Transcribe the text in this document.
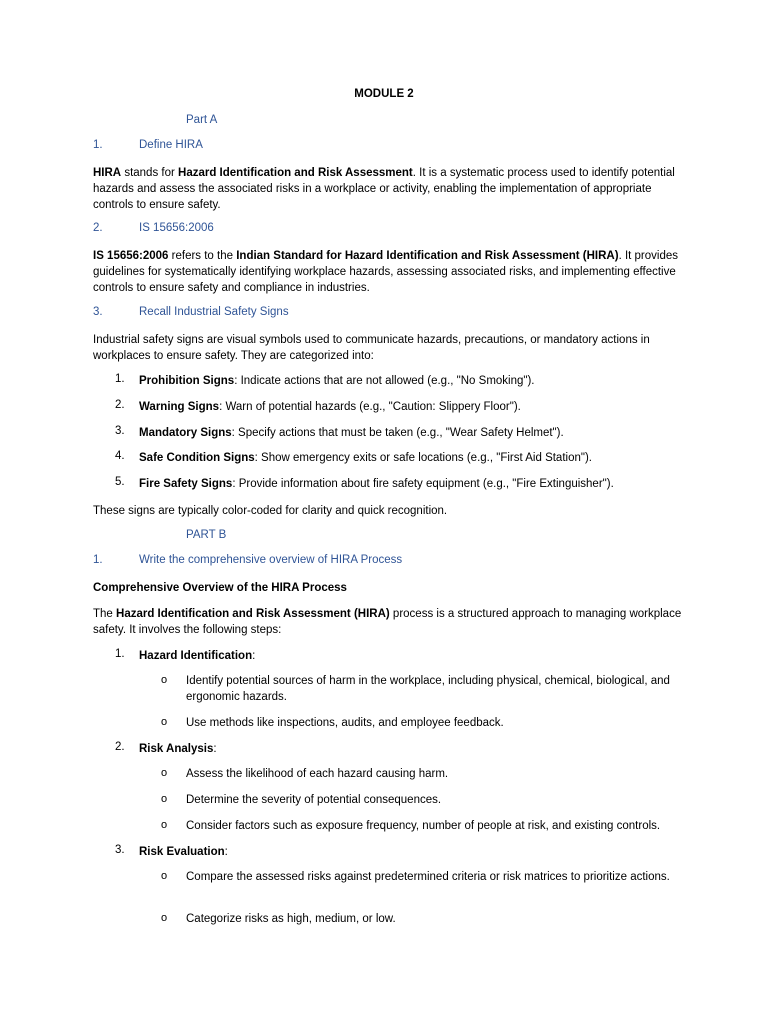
MODULE 2
Part A
1.	Define HIRA

HIRA stands for Hazard Identification and Risk Assessment. It is a systematic process used to identify potential hazards and assess the associated risks in a workplace or activity, enabling the implementation of appropriate controls to ensure safety.

2.	IS 15656:2006

IS 15656:2006 refers to the Indian Standard for Hazard Identification and Risk Assessment (HIRA). It provides guidelines for systematically identifying workplace hazards, assessing associated risks, and implementing effective controls to ensure safety and compliance in industries.

3.	Recall Industrial Safety Signs

Industrial safety signs are visual symbols used to communicate hazards, precautions, or mandatory actions in workplaces to ensure safety. They are categorized into:

1. Prohibition Signs: Indicate actions that are not allowed (e.g., "No Smoking").
2. Warning Signs: Warn of potential hazards (e.g., "Caution: Slippery Floor").
3. Mandatory Signs: Specify actions that must be taken (e.g., "Wear Safety Helmet").
4. Safe Condition Signs: Show emergency exits or safe locations (e.g., "First Aid Station").
5. Fire Safety Signs: Provide information about fire safety equipment (e.g., "Fire Extinguisher").
These signs are typically color-coded for clarity and quick recognition.
PART B
1.	Write the comprehensive overview of HIRA Process
Comprehensive Overview of the HIRA Process

The Hazard Identification and Risk Assessment (HIRA) process is a structured approach to managing workplace safety. It involves the following steps:

1. Hazard Identification:
o Identify potential sources of harm in the workplace, including physical, chemical, biological, and ergonomic hazards.
o Use methods like inspections, audits, and employee feedback.
2. Risk Analysis:
o Assess the likelihood of each hazard causing harm.
o Determine the severity of potential consequences.
o Consider factors such as exposure frequency, number of people at risk, and existing controls.
3. Risk Evaluation:
o Compare the assessed risks against predetermined criteria or risk matrices to prioritize actions.
o Categorize risks as high, medium, or low.
